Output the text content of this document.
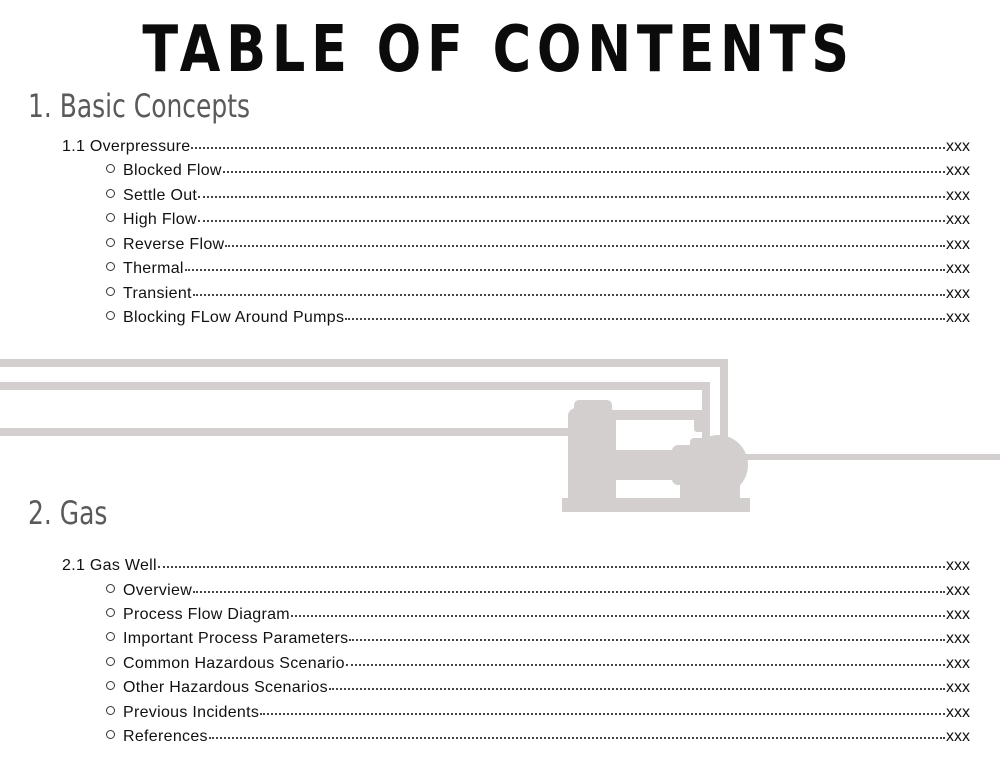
TABLE OF CONTENTS
1. Basic Concepts
1.1 Overpressure	xxx
Blocked Flow	xxx
Settle Out	xxx
High Flow	xxx
Reverse Flow	xxx
Thermal	xxx
Transient	xxx
Blocking FLow Around Pumps	xxx
2. Gas
2.1 Gas Well	xxx
Overview	xxx
Process Flow Diagram	xxx
Important Process Parameters	xxx
Common Hazardous Scenario	xxx
Other Hazardous Scenarios	xxx
Previous Incidents	xxx
References	xxx
